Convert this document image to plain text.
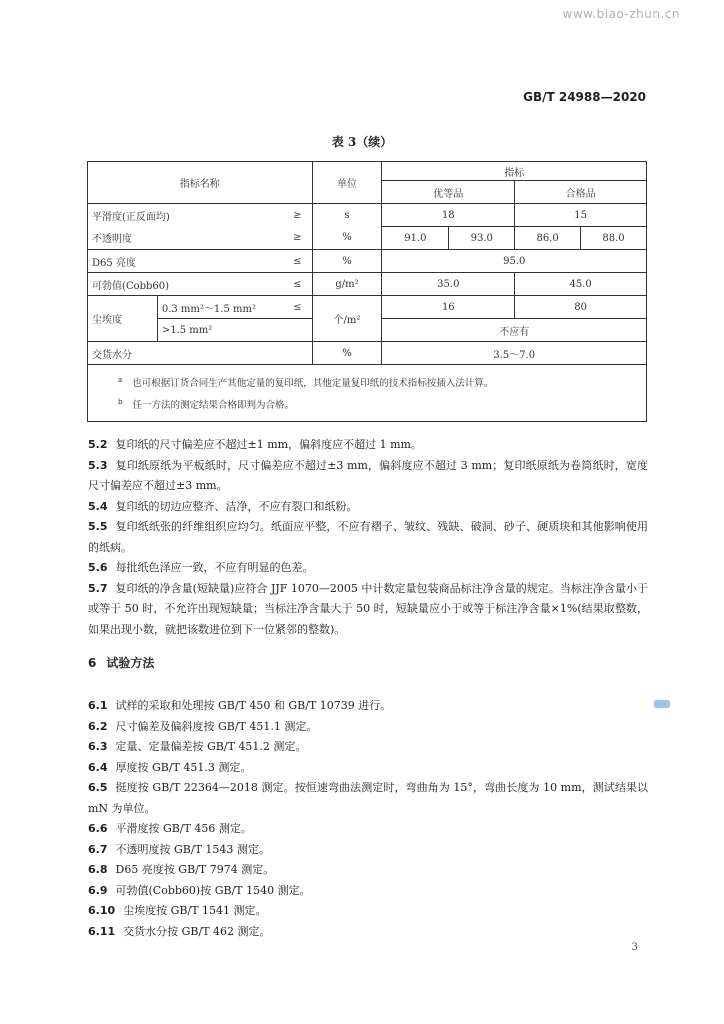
www.biao-zhun.cn
GB/T 24988—2020
表 3（续）
指标名称			单位	指标			
				优等品		合格品	
平滑度(正反面均)		≥	s	18		15	
不透明度		≥	%	91.0	93.0	86.0	88.0
D65 亮度		≤	%	95.0			
可勃值(Cobb60)		≤	g/m²	35.0		45.0	
尘埃度	0.3 mm²～1.5 mm²	≤	个/m²	16		80	
	>1.5 mm²			不应有			
交货水分			%	3.5～7.0			

$^a$ 也可根据订货合同生产其他定量的复印纸，其他定量复印纸的技术指标按插入法计算。
$^b$ 任一方法的测定结果合格即判为合格。							

5.2 复印纸的尺寸偏差应不超过±1 mm，偏斜度应不超过 1 mm。

5.3 复印纸原纸为平板纸时，尺寸偏差应不超过±3 mm，偏斜度应不超过 3 mm；复印纸原纸为卷筒纸时，宽度尺寸偏差应不超过±3 mm。

5.4 复印纸的切边应整齐、洁净，不应有裂口和纸粉。

5.5 复印纸纸张的纤维组织应均匀。纸面应平整，不应有褶子、皱纹、残缺、破洞、砂子、硬质块和其他影响使用的纸病。

5.6 每批纸色泽应一致，不应有明显的色差。

5.7 复印纸的净含量(短缺量)应符合 JJF 1070—2005 中计数定量包装商品标注净含量的规定。当标注净含量小于或等于 50 时，不允许出现短缺量；当标注净含量大于 50 时，短缺量应小于或等于标注净含量×1%(结果取整数，如果出现小数，就把该数进位到下一位紧邻的整数)。

6 试验方法

6.1 试样的采取和处理按 GB/T 450 和 GB/T 10739 进行。

6.2 尺寸偏差及偏斜度按 GB/T 451.1 测定。

6.3 定量、定量偏差按 GB/T 451.2 测定。

6.4 厚度按 GB/T 451.3 测定。

6.5 挺度按 GB/T 22364—2018 测定。按恒速弯曲法测定时，弯曲角为 15°，弯曲长度为 10 mm，测试结果以 mN 为单位。

6.6 平滑度按 GB/T 456 测定。

6.7 不透明度按 GB/T 1543 测定。

6.8 D65 亮度按 GB/T 7974 测定。

6.9 可勃值(Cobb60)按 GB/T 1540 测定。

6.10 尘埃度按 GB/T 1541 测定。

6.11 交货水分按 GB/T 462 测定。

3
